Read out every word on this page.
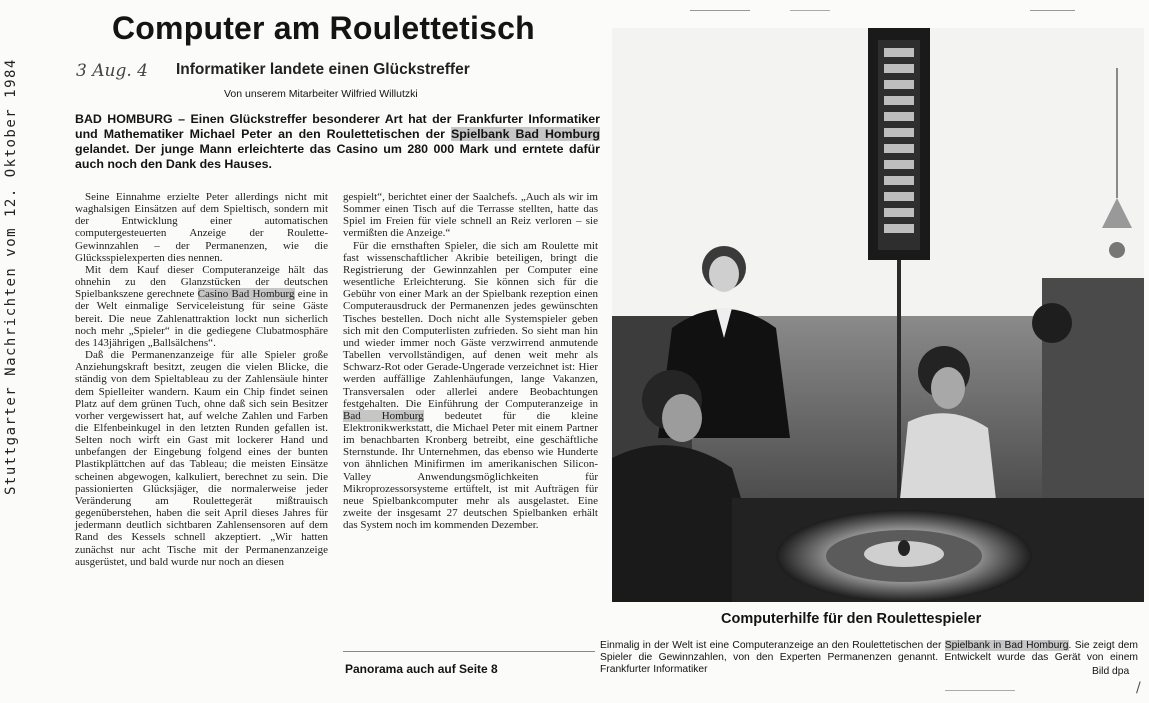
Stuttgarter Nachrichten vom 12. Oktober 1984	3 Aug. 4
Computer am Roulettetisch
Informatiker landete einen Glückstreffer
Von unserem Mitarbeiter Wilfried Willutzki
BAD HOMBURG – Einen Glückstreffer besonderer Art hat der Frankfurter Informatiker und Mathematiker Michael Peter an den Roulettetischen der Spielbank Bad Homburg gelandet. Der junge Mann erleichterte das Casino um 280 000 Mark und erntete dafür auch noch den Dank des Hauses.

Seine Einnahme erzielte Peter allerdings nicht mit waghalsigen Einsätzen auf dem Spieltisch, sondern mit der Entwicklung einer automatischen computergesteuerten Anzeige der Roulette-Gewinnzahlen – der Permanenzen, wie die Glücksspielexperten dies nennen.

Mit dem Kauf dieser Computeranzeige hält das ohnehin zu den Glanzstücken der deutschen Spielbankszene gerechnete Casino Bad Homburg eine in der Welt einmalige Serviceleistung für seine Gäste bereit. Die neue Zahlenattraktion lockt nun sicherlich noch mehr „Spieler“ in die gediegene Clubatmosphäre des 143jährigen „Ballsälchens“.

Daß die Permanenzanzeige für alle Spieler große Anziehungskraft besitzt, zeugen die vielen Blicke, die ständig von dem Spieltableau zu der Zahlensäule hinter dem Spielleiter wandern. Kaum ein Chip findet seinen Platz auf dem grünen Tuch, ohne daß sich sein Besitzer vorher vergewissert hat, auf welche Zahlen und Farben die Elfenbeinkugel in den letzten Runden gefallen ist. Selten noch wirft ein Gast mit lockerer Hand und unbefangen der Eingebung folgend eines der bunten Plastikplättchen auf das Tableau; die meisten Einsätze scheinen abgewogen, kalkuliert, berechnet zu sein. Die passionierten Glücksjäger, die normalerweise jeder Veränderung am Roulettegerät mißtrauisch gegenüberstehen, haben die seit April dieses Jahres für jedermann deutlich sichtbaren Zahlensensoren auf dem Rand des Kessels schnell akzeptiert. „Wir hatten zunächst nur acht Tische mit der Permanenzanzeige ausgerüstet, und bald wurde nur noch an diesen

gespielt“, berichtet einer der Saalchefs. „Auch als wir im Sommer einen Tisch auf die Terrasse stellten, hatte das Spiel im Freien für viele schnell an Reiz verloren – sie vermißten die Anzeige.“

Für die ernsthaften Spieler, die sich am Roulette mit fast wissenschaftlicher Akribie beteiligen, bringt die Registrierung der Gewinnzahlen per Computer eine wesentliche Erleichterung. Sie können sich für die Gebühr von einer Mark an der Spielbank rezeption einen Computerausdruck der Permanenzen jedes gewünschten Tisches bestellen. Doch nicht alle Systemspieler geben sich mit den Computerlisten zufrieden. So sieht man hin und wieder immer noch Gäste verzwirrend anmutende Tabellen vervollständigen, auf denen weit mehr als Schwarz-Rot oder Gerade-Ungerade verzeichnet ist: Hier werden auffällige Zahlenhäufungen, lange Vakanzen, Transversalen oder allerlei andere Beobachtungen festgehalten. Die Einführung der Computeranzeige in Bad Homburg bedeutet für die kleine Elektronikwerkstatt, die Michael Peter mit einem Partner im benachbarten Kronberg betreibt, eine geschäftliche Sternstunde. Ihr Unternehmen, das ebenso wie Hunderte von ähnlichen Minifirmen im amerikanischen Silicon-Valley Anwendungsmöglichkeiten für Mikroprozessorsysteme ertüftelt, ist mit Aufträgen für neue Spielbankcomputer mehr als ausgelastet. Eine zweite der insgesamt 27 deutschen Spielbanken erhält das System noch im kommenden Dezember.

Panorama auch auf Seite 8
Computerhilfe für den Roulettespieler
Einmalig in der Welt ist eine Computeranzeige an den Roulettetischen der Spielbank in Bad Homburg. Sie zeigt dem Spieler die Gewinnzahlen, von den Experten Permanenzen genannt. Entwickelt wurde das Gerät von einem Frankfurter Informatiker	Bild dpa
/
